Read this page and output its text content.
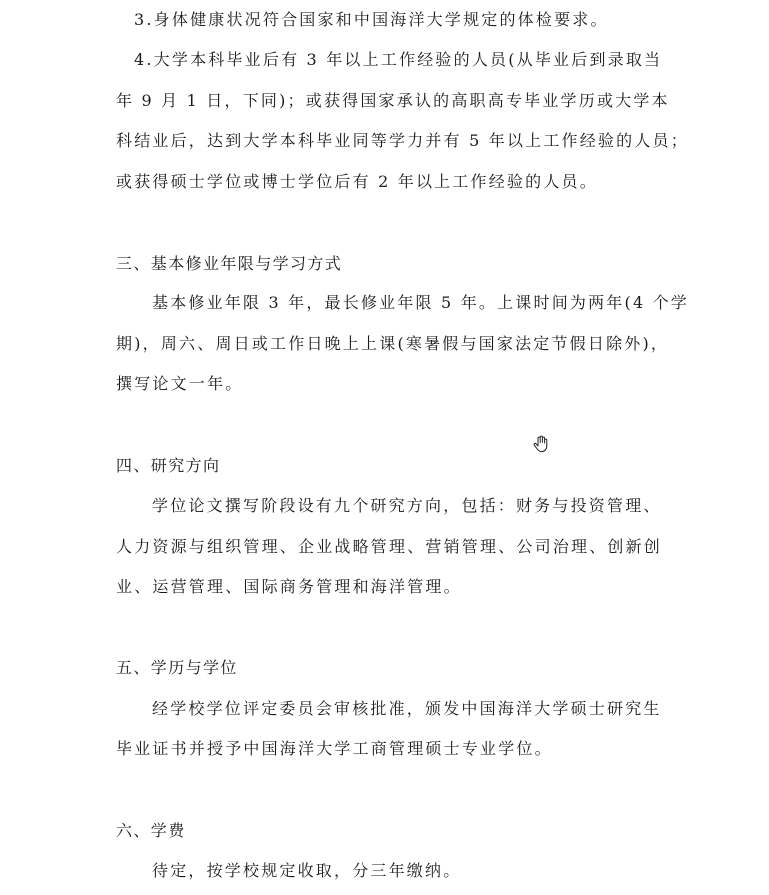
3.身体健康状况符合国家和中国海洋大学规定的体检要求。
4.大学本科毕业后有 3 年以上工作经验的人员(从毕业后到录取当
年 9 月 1 日，下同)；或获得国家承认的高职高专毕业学历或大学本
科结业后，达到大学本科毕业同等学力并有 5 年以上工作经验的人员；
或获得硕士学位或博士学位后有 2 年以上工作经验的人员。
三、基本修业年限与学习方式
基本修业年限 3 年，最长修业年限 5 年。上课时间为两年(4 个学
期)，周六、周日或工作日晚上上课(寒暑假与国家法定节假日除外)，
撰写论文一年。
四、研究方向
学位论文撰写阶段设有九个研究方向，包括：财务与投资管理、
人力资源与组织管理、企业战略管理、营销管理、公司治理、创新创
业、运营管理、国际商务管理和海洋管理。
五、学历与学位
经学校学位评定委员会审核批准，颁发中国海洋大学硕士研究生
毕业证书并授予中国海洋大学工商管理硕士专业学位。
六、学费
待定，按学校规定收取，分三年缴纳。
